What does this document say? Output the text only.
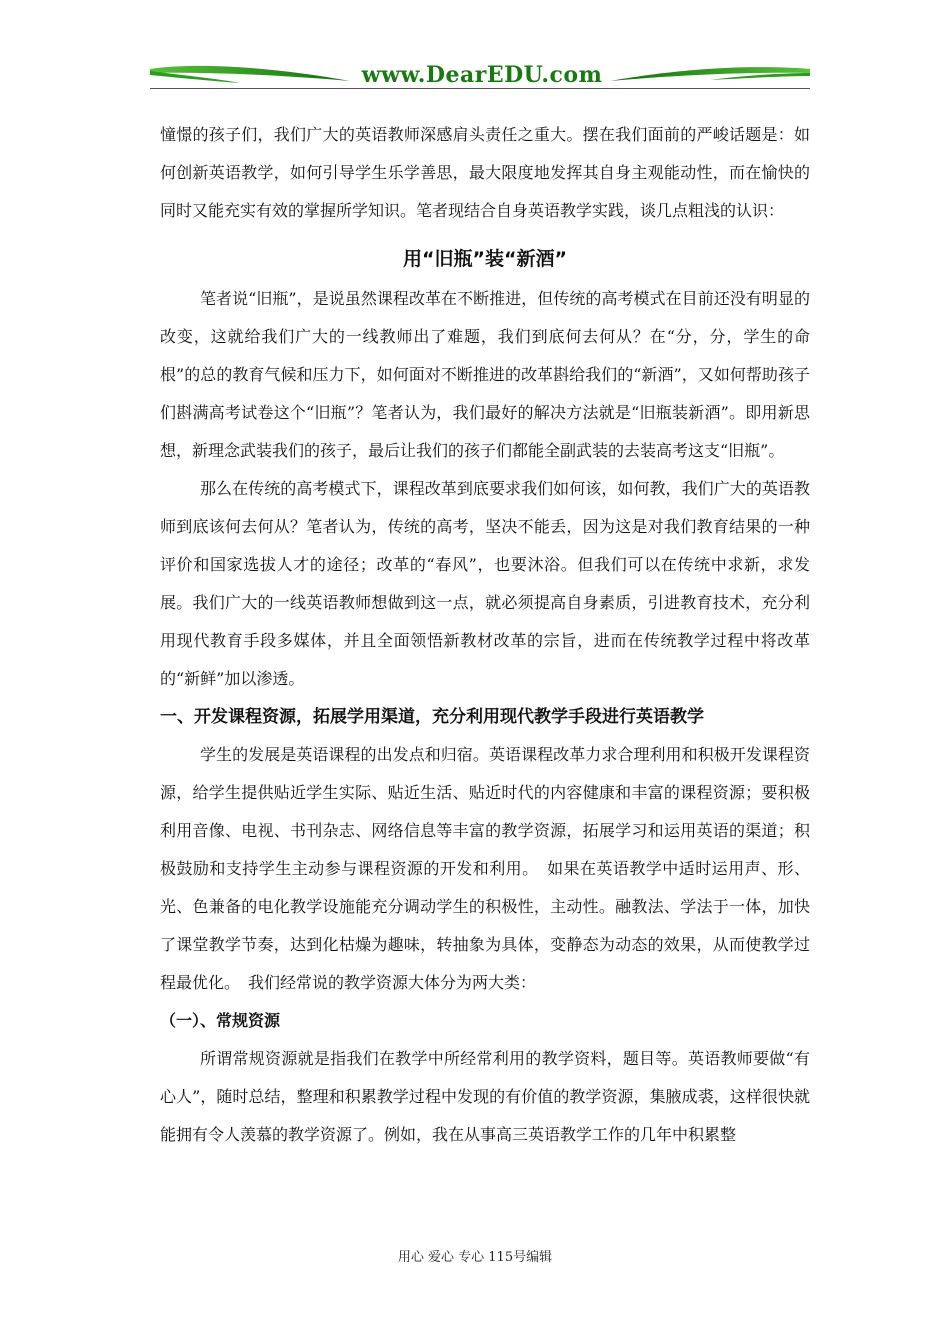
www.DearEDU.com

憧憬的孩子们，我们广大的英语教师深感肩头责任之重大。摆在我们面前的严峻话题是：如何创新英语教学，如何引导学生乐学善思，最大限度地发挥其自身主观能动性，而在愉快的同时又能充实有效的掌握所学知识。笔者现结合自身英语教学实践，谈几点粗浅的认识：

用“旧瓶”装“新酒”

笔者说“旧瓶”，是说虽然课程改革在不断推进，但传统的高考模式在目前还没有明显的改变，这就给我们广大的一线教师出了难题，我们到底何去何从？在“分，分，学生的命根”的总的教育气候和压力下，如何面对不断推进的改革斟给我们的“新酒”，又如何帮助孩子们斟满高考试卷这个“旧瓶”？笔者认为，我们最好的解决方法就是“旧瓶装新酒”。即用新思想，新理念武装我们的孩子，最后让我们的孩子们都能全副武装的去装高考这支“旧瓶”。

那么在传统的高考模式下，课程改革到底要求我们如何该，如何教，我们广大的英语教师到底该何去何从？笔者认为，传统的高考，坚决不能丢，因为这是对我们教育结果的一种评价和国家选拔人才的途径；改革的“春风”，也要沐浴。但我们可以在传统中求新，求发展。我们广大的一线英语教师想做到这一点，就必须提高自身素质，引进教育技术，充分利用现代教育手段多媒体，并且全面领悟新教材改革的宗旨，进而在传统教学过程中将改革的“新鲜”加以渗透。

一、开发课程资源，拓展学用渠道，充分利用现代教学手段进行英语教学

学生的发展是英语课程的出发点和归宿。英语课程改革力求合理利用和积极开发课程资源，给学生提供贴近学生实际、贴近生活、贴近时代的内容健康和丰富的课程资源；要积极利用音像、电视、书刊杂志、网络信息等丰富的教学资源，拓展学习和运用英语的渠道；积极鼓励和支持学生主动参与课程资源的开发和利用。　如果在英语教学中适时运用声、形、光、色兼备的电化教学设施能充分调动学生的积极性，主动性。融教法、学法于一体，加快了课堂教学节奏，达到化枯燥为趣味，转抽象为具体，变静态为动态的效果，从而使教学过程最优化。　我们经常说的教学资源大体分为两大类：

（一）、常规资源

所谓常规资源就是指我们在教学中所经常利用的教学资料，题目等。英语教师要做“有心人”，随时总结，整理和积累教学过程中发现的有价值的教学资源，集腋成裘，这样很快就能拥有令人羡慕的教学资源了。例如，我在从事高三英语教学工作的几年中积累整

用心 爱心 专心 115号编辑
